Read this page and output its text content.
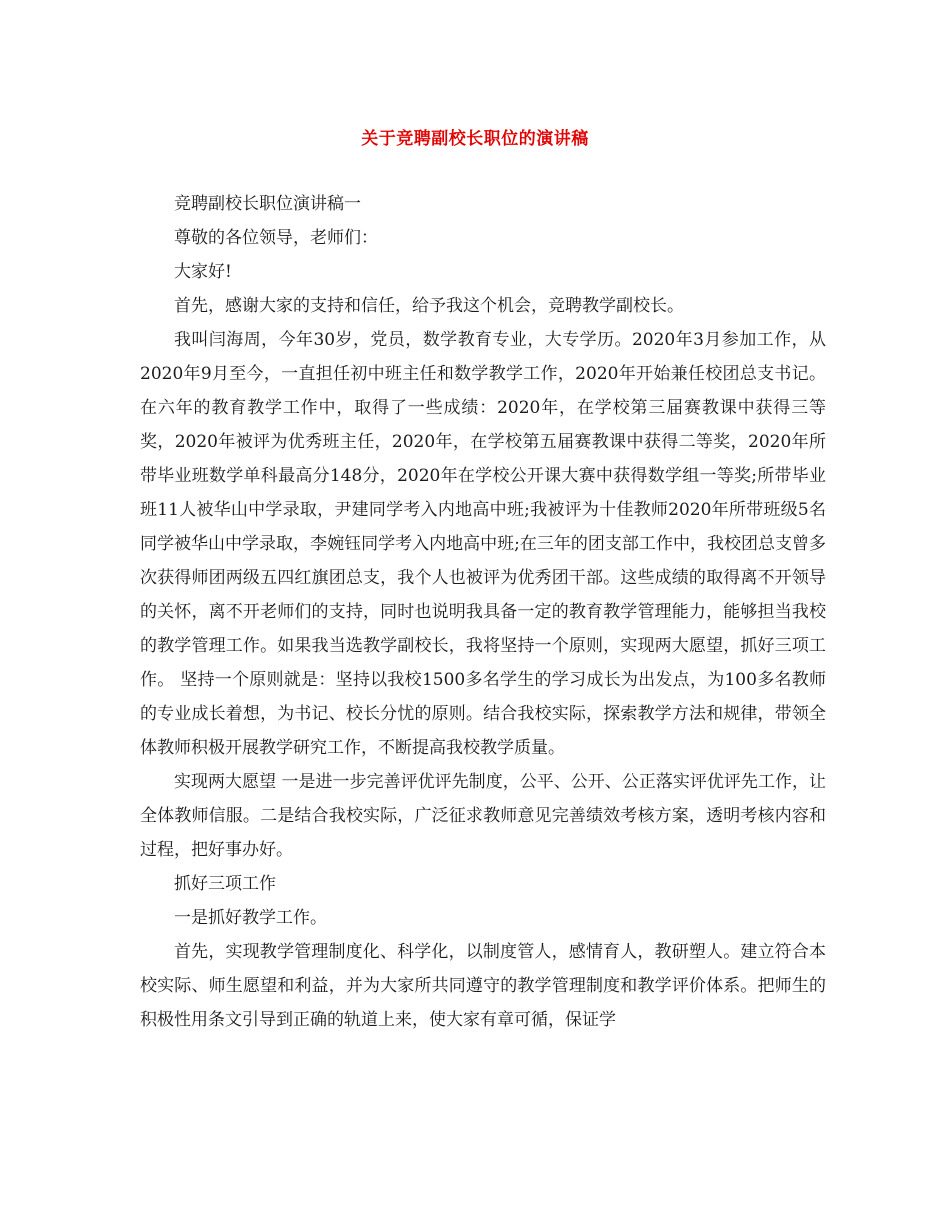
关于竞聘副校长职位的演讲稿

竞聘副校长职位演讲稿一

尊敬的各位领导，老师们：

大家好!

首先，感谢大家的支持和信任，给予我这个机会，竞聘教学副校长。

我叫闫海周，今年30岁，党员，数学教育专业，大专学历。2020年3月参加工作，从2020年9月至今，一直担任初中班主任和数学教学工作，2020年开始兼任校团总支书记。在六年的教育教学工作中，取得了一些成绩：2020年，在学校第三届赛教课中获得三等奖，2020年被评为优秀班主任，2020年，在学校第五届赛教课中获得二等奖，2020年所带毕业班数学单科最高分148分，2020年在学校公开课大赛中获得数学组一等奖;所带毕业班11人被华山中学录取，尹建同学考入内地高中班;我被评为十佳教师2020年所带班级5名同学被华山中学录取，李婉钰同学考入内地高中班;在三年的团支部工作中，我校团总支曾多次获得师团两级五四红旗团总支，我个人也被评为优秀团干部。这些成绩的取得离不开领导的关怀，离不开老师们的支持，同时也说明我具备一定的教育教学管理能力，能够担当我校的教学管理工作。如果我当选教学副校长，我将坚持一个原则，实现两大愿望，抓好三项工作。 坚持一个原则就是：坚持以我校1500多名学生的学习成长为出发点，为100多名教师的专业成长着想，为书记、校长分忧的原则。结合我校实际，探索教学方法和规律，带领全体教师积极开展教学研究工作，不断提高我校教学质量。

实现两大愿望 一是进一步完善评优评先制度，公平、公开、公正落实评优评先工作，让全体教师信服。二是结合我校实际，广泛征求教师意见完善绩效考核方案，透明考核内容和过程，把好事办好。

抓好三项工作

一是抓好教学工作。

首先，实现教学管理制度化、科学化，以制度管人，感情育人，教研塑人。建立符合本校实际、师生愿望和利益，并为大家所共同遵守的教学管理制度和教学评价体系。把师生的积极性用条文引导到正确的轨道上来，使大家有章可循，保证学
